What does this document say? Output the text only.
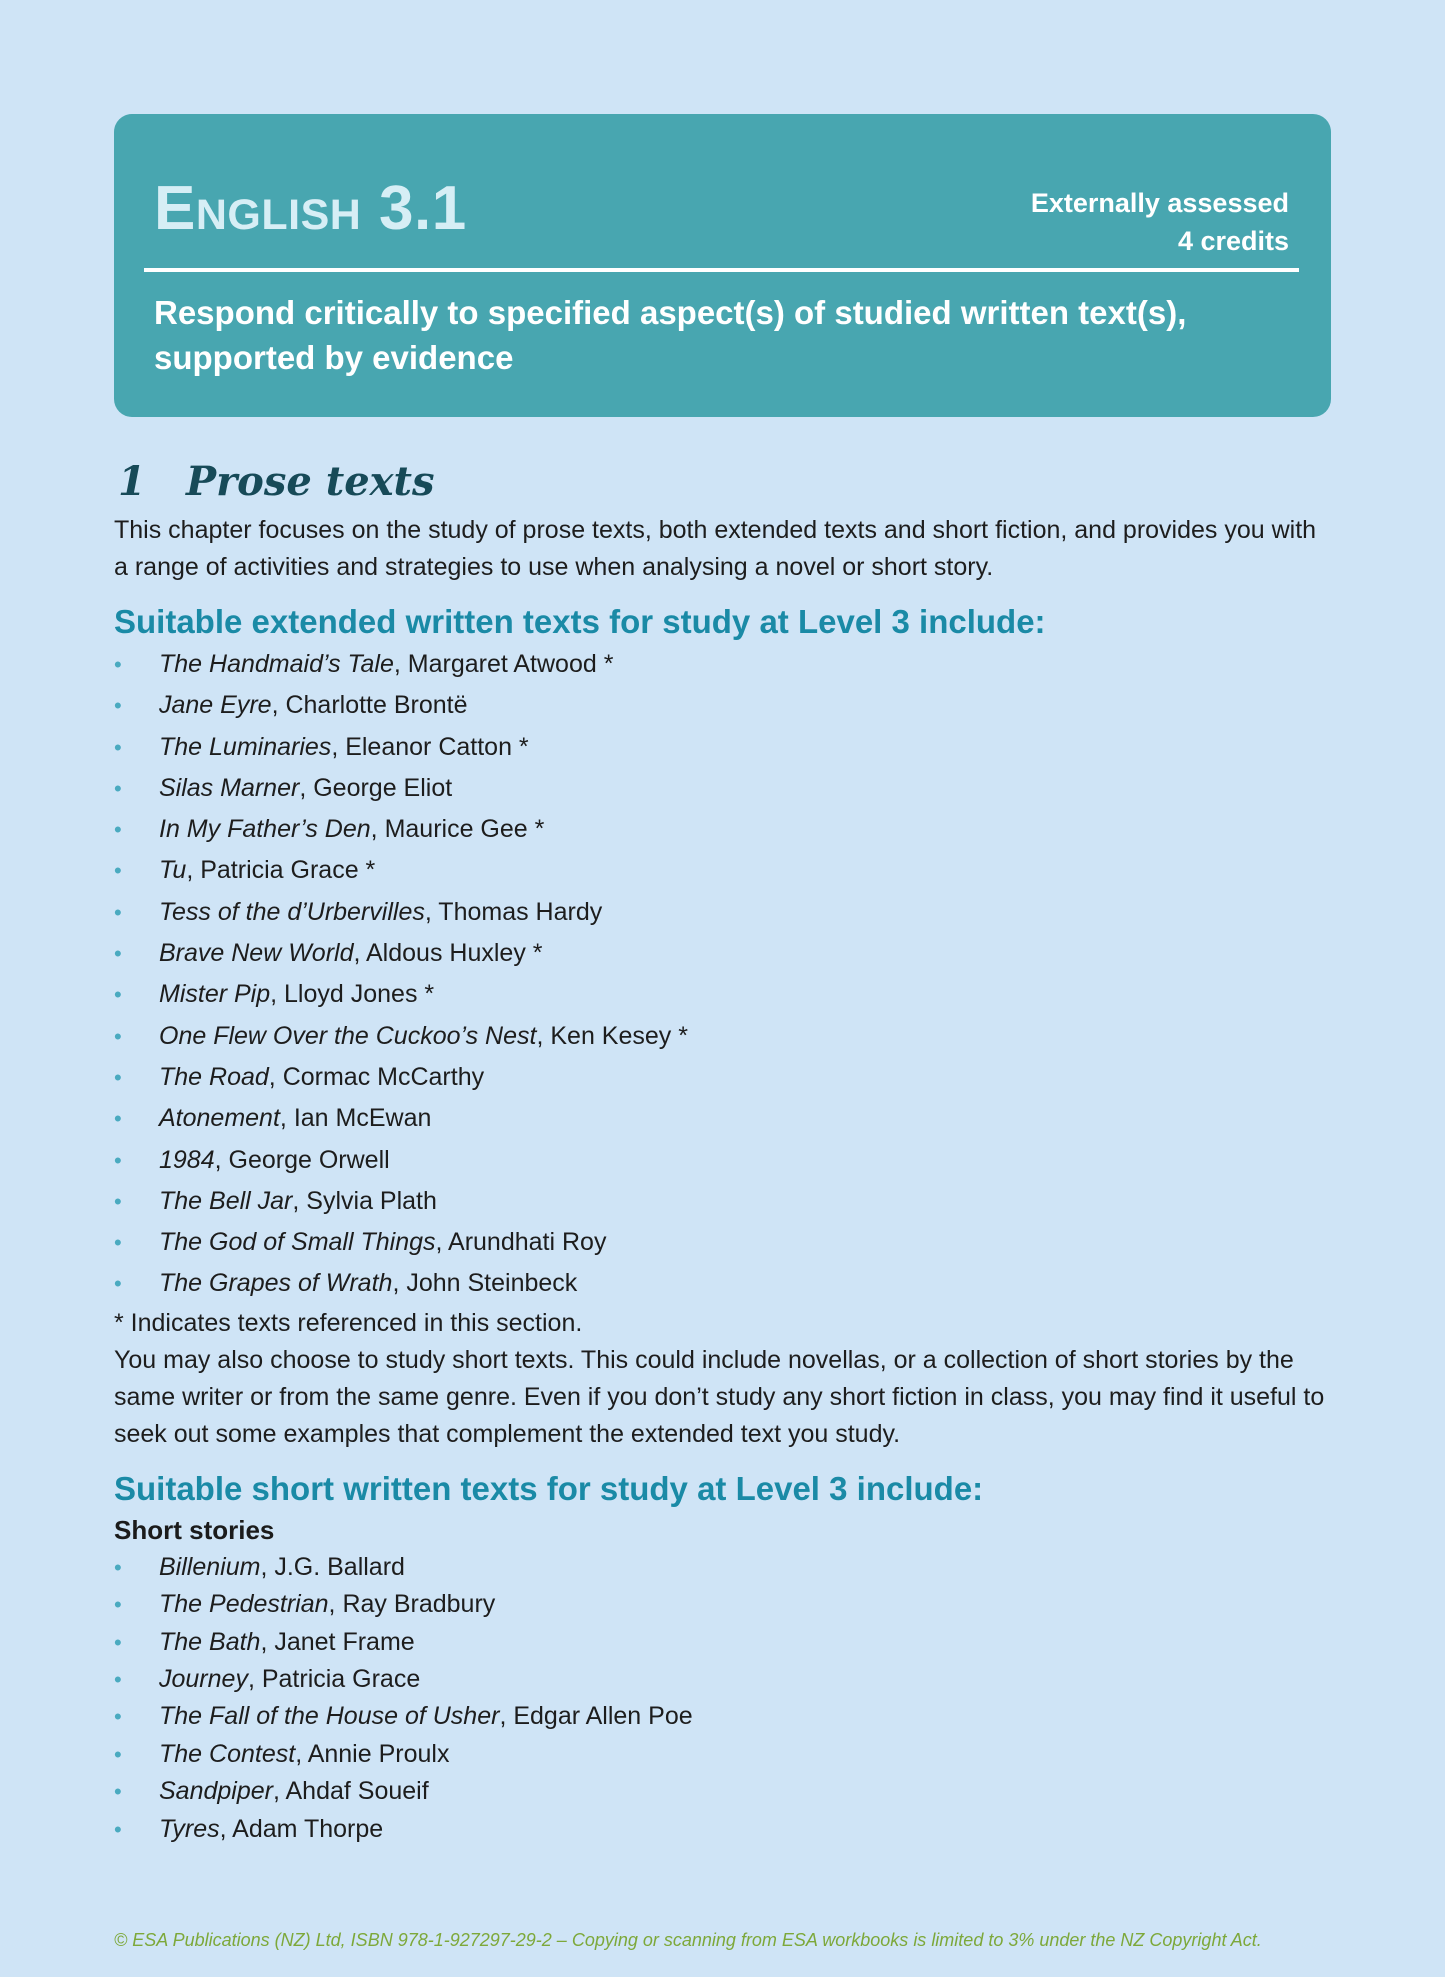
English 3.1	Externally assessed
4 credits
Respond critically to specified aspect(s) of studied written text(s), supported by evidence
1 Prose texts

This chapter focuses on the study of prose texts, both extended texts and short fiction, and provides you with a range of activities and strategies to use when analysing a novel or short story.

Suitable extended written texts for study at Level 3 include:
• The Handmaid’s Tale, Margaret Atwood *
• Jane Eyre, Charlotte Brontë
• The Luminaries, Eleanor Catton *
• Silas Marner, George Eliot
• In My Father’s Den, Maurice Gee *
• Tu, Patricia Grace *
• Tess of the d’Urbervilles, Thomas Hardy
• Brave New World, Aldous Huxley *
• Mister Pip, Lloyd Jones *
• One Flew Over the Cuckoo’s Nest, Ken Kesey *
• The Road, Cormac McCarthy
• Atonement, Ian McEwan
• 1984, George Orwell
• The Bell Jar, Sylvia Plath
• The God of Small Things, Arundhati Roy
• The Grapes of Wrath, John Steinbeck

* Indicates texts referenced in this section.

You may also choose to study short texts. This could include novellas, or a collection of short stories by the same writer or from the same genre. Even if you don’t study any short fiction in class, you may find it useful to seek out some examples that complement the extended text you study.

Suitable short written texts for study at Level 3 include:
Short stories
• Billenium, J.G. Ballard
• The Pedestrian, Ray Bradbury
• The Bath, Janet Frame
• Journey, Patricia Grace
• The Fall of the House of Usher, Edgar Allen Poe
• The Contest, Annie Proulx
• Sandpiper, Ahdaf Soueif
• Tyres, Adam Thorpe
© ESA Publications (NZ) Ltd, ISBN 978-1-927297-29-2 – Copying or scanning from ESA workbooks is limited to 3% under the NZ Copyright Act.
